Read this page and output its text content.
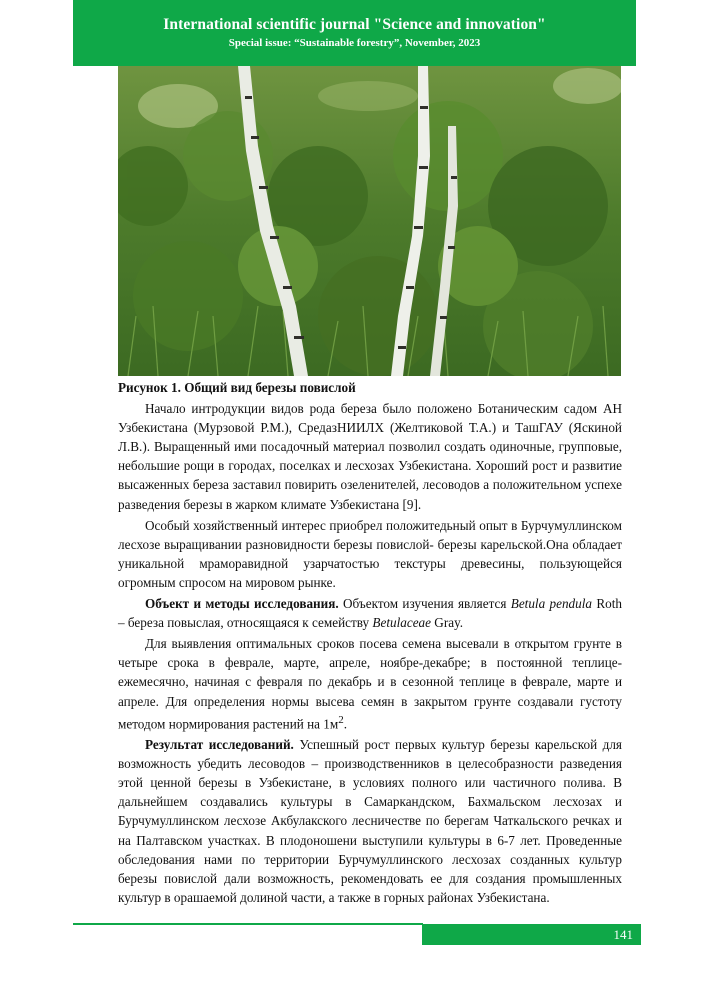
International scientific journal "Science and innovation"
Special issue: “Sustainable forestry”, November, 2023

Рисунок 1. Общий вид березы повислой

Начало интродукции видов рода береза было положено Ботаническим садом АН Узбекистана (Мурзовой Р.М.), СредазНИИЛХ (Желтиковой Т.А.) и ТашГАУ (Яскиной Л.В.). Выращенный ими посадочный материал позволил создать одиночные, групповые, небольшие рощи в городах, поселках и лесхозах Узбекистана. Хороший рост и развитие высаженных береза заставил повирить озеленителей, лесоводов а положительном успехе разведения березы в жарком климате Узбекистана [9].

Особый хозяйственный интерес приобрел положитедьный опыт в Бурчумуллинском лесхозе выращивании разновидности березы повислой- березы карельской.Она обладает уникальной мраморавидной узарчатостью текстуры древесины, пользующейся огромным спросом на мировом рынке.

Объект и методы исследования. Объектом изучения является Betula pendula Roth – береза повыслая, относящаяся к семейству Betulaceae Gray.

Для выявления оптимальных сроков посева семена высевали в открытом грунте в четыре срока в феврале, марте, апреле, ноябре-декабре; в постоянной теплице-ежемесячно, начиная с февраля по декабрь и в сезонной теплице в феврале, марте и апреле. Для определения нормы высева семян в закрытом грунте создавали густоту методом нормирования растений на $1м^2$.

Результат исследований. Успешный рост первых культур березы карельской для возможность убедить лесоводов – производственников в целесобразности разведения этой ценной березы в Узбекистане, в условиях полного или частичного полива. В дальнейшем создавались культуры в Самаркандском, Бахмальском лесхозах и Бурчумуллинском лесхозе Акбулакского лесничестве по берегам Чаткальского речках и на Палтавском участках. В плодоношени выступили культуры в 6-7 лет. Проведенные обследования нами по территории Бурчумуллинского лесхозах созданных культур березы повислой дали возможность, рекомендовать ее для создания промышленных культур в орашаемой долиной части, а также в горных районах Узбекистана.

141
